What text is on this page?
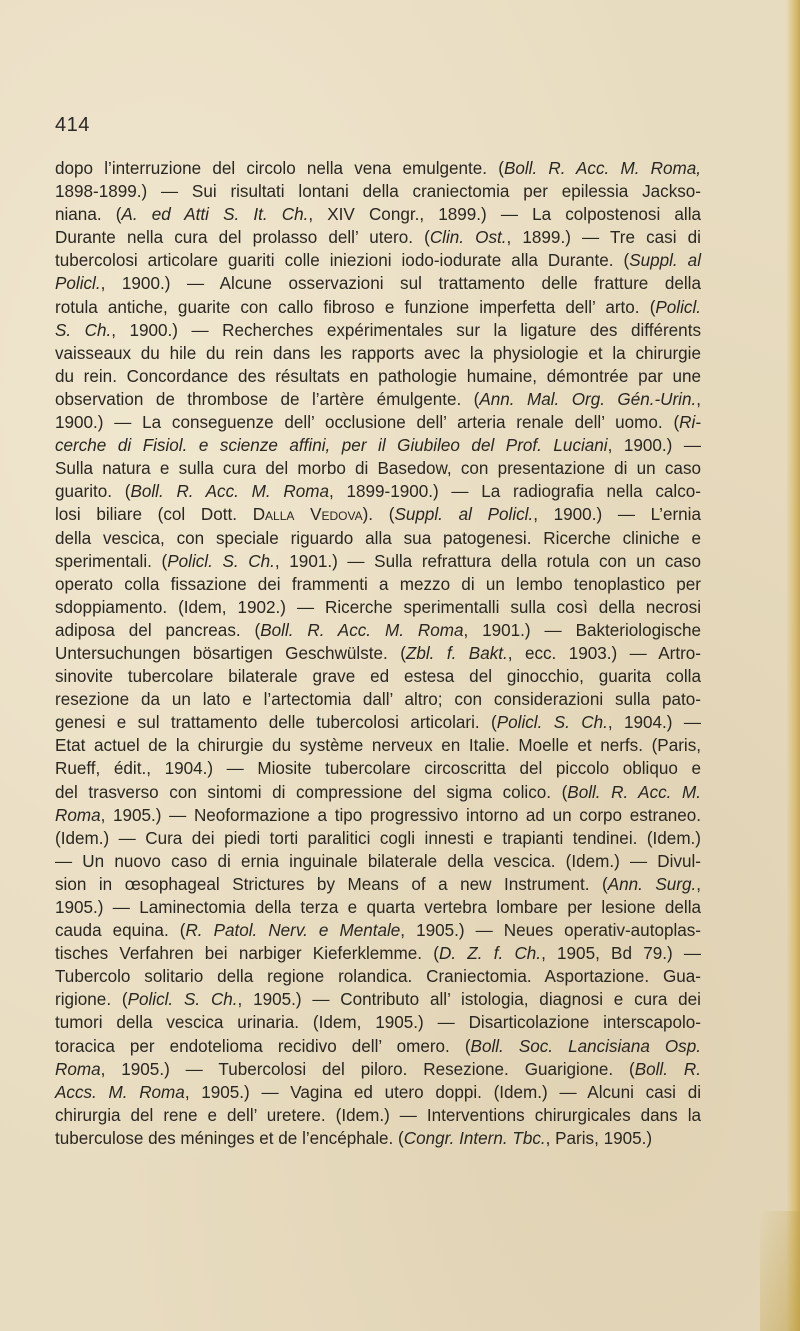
414
dopo l’interruzione del circolo nella vena emulgente. (Boll. R. Acc. M. Roma,
1898-1899.) — Sui risultati lontani della craniectomia per epilessia Jackso-
niana. (A. ed Atti S. It. Ch., XIV Congr., 1899.) — La colpostenosi alla
Durante nella cura del prolasso dell’ utero. (Clin. Ost., 1899.) — Tre casi di
tubercolosi articolare guariti colle iniezioni iodo-iodurate alla Durante. (Suppl. al
Policl., 1900.) — Alcune osservazioni sul trattamento delle fratture della
rotula antiche, guarite con callo fibroso e funzione imperfetta dell’ arto. (Policl.
S. Ch., 1900.) — Recherches expérimentales sur la ligature des différents
vaisseaux du hile du rein dans les rapports avec la physiologie et la chirurgie
du rein. Concordance des résultats en pathologie humaine, démontrée par une
observation de thrombose de l’artère émulgente. (Ann. Mal. Org. Gén.-Urin.,
1900.) — La conseguenze dell’ occlusione dell’ arteria renale dell’ uomo. (Ri-
cerche di Fisiol. e scienze affini, per il Giubileo del Prof. Luciani, 1900.) —
Sulla natura e sulla cura del morbo di Basedow, con presentazione di un caso
guarito. (Boll. R. Acc. M. Roma, 1899-1900.) — La radiografia nella calco-
losi biliare (col Dott. Dalla Vedova). (Suppl. al Policl., 1900.) — L’ernia
della vescica, con speciale riguardo alla sua patogenesi. Ricerche cliniche e
sperimentali. (Policl. S. Ch., 1901.) — Sulla refrattura della rotula con un caso
operato colla fissazione dei frammenti a mezzo di un lembo tenoplastico per
sdoppiamento. (Idem, 1902.) — Ricerche sperimentalli sulla così della necrosi
adiposa del pancreas. (Boll. R. Acc. M. Roma, 1901.) — Bakteriologische
Untersuchungen bösartigen Geschwülste. (Zbl. f. Bakt., ecc. 1903.) — Artro-
sinovite tubercolare bilaterale grave ed estesa del ginocchio, guarita colla
resezione da un lato e l’artectomia dall’ altro; con considerazioni sulla pato-
genesi e sul trattamento delle tubercolosi articolari. (Policl. S. Ch., 1904.) —
Etat actuel de la chirurgie du système nerveux en Italie. Moelle et nerfs. (Paris,
Rueff, édit., 1904.) — Miosite tubercolare circoscritta del piccolo obliquo e
del trasverso con sintomi di compressione del sigma colico. (Boll. R. Acc. M.
Roma, 1905.) — Neoformazione a tipo progressivo intorno ad un corpo estraneo.
(Idem.) — Cura dei piedi torti paralitici cogli innesti e trapianti tendinei. (Idem.)
— Un nuovo caso di ernia inguinale bilaterale della vescica. (Idem.) — Divul-
sion in œsophageal Strictures by Means of a new Instrument. (Ann. Surg.,
1905.) — Laminectomia della terza e quarta vertebra lombare per lesione della
cauda equina. (R. Patol. Nerv. e Mentale, 1905.) — Neues operativ-autoplas-
tisches Verfahren bei narbiger Kieferklemme. (D. Z. f. Ch., 1905, Bd 79.) —
Tubercolo solitario della regione rolandica. Craniectomia. Asportazione. Gua-
rigione. (Policl. S. Ch., 1905.) — Contributo all’ istologia, diagnosi e cura dei
tumori della vescica urinaria. (Idem, 1905.) — Disarticolazione interscapolo-
toracica per endotelioma recidivo dell’ omero. (Boll. Soc. Lancisiana Osp.
Roma, 1905.) — Tubercolosi del piloro. Resezione. Guarigione. (Boll. R.
Accs. M. Roma, 1905.) — Vagina ed utero doppi. (Idem.) — Alcuni casi di
chirurgia del rene e dell’ uretere. (Idem.) — Interventions chirurgicales dans la
tuberculose des méninges et de l’encéphale. (Congr. Intern. Tbc., Paris, 1905.)
